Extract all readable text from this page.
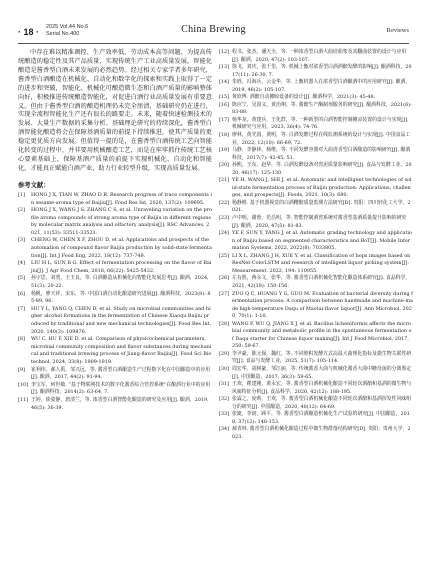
· 18 · 2025 Vol.44 No.6
Serial No.400	China Brewing	Reviews

中存在难以精准调控、生产效率低、劳动成本高等问题，为提高传统酿造的稳定性及其产品质量，实现传统生产工业高质量发展，智能化酿造是酱香型白酒未来发展的必然趋势。经过相关专家学者多年研究，酱香型白酒酿造在机械化、自动化和数字化的探索和实践上取得了一定的进步和突破，智能化、机械化可酿造微生态和白酒产质量的影响整体向好，积极推进传统酿造智能化，对促进白酒行业高质量发展有重要意义。但由于酱香型白酒的酿造机理仍未完全厘清，基础研究仍在进行，实现全流程智能化生产还有很长的路要走。未来，随着快速检测技术的发展、大量生产数据的采集分析、基础理论研究的持续深化，酱香型白酒智能化酿造将会在保障基酒质量的前提下持续推进，使其产质量的更稳定更优质方向发展。但值得一提的是，在酱香型白酒传统工艺向智能化转变的过程中，并非要用机械酿造工艺，而是在牢牢抓住传统工艺核心要素基础上，保障基酒产质量的前提下实现机械化、自动化和智能化，才能真正赋能白酒产业，助力行业转型升级，实现高质量发展。

参考文献：
[1]	HONG J X, TIAN W, ZHAO D R. Research progress of trace components in sesame-aroma type of Baijiu[J]. Food Res Int, 2020, 137(2): 109695.
[2]	HONG J X, WANG J S, ZHANG C S, et al. Unraveling variation on the profile aroma compounds of strong aroma type of Baijiu in different regions by molecular matrix analysis and olfactory analysis[J]. RSC Advances, 2021, 11(53): 33511-33521.
[3]	CHENG W, CHEN X F, ZHOU D, et al. Applications and prospects of the automation of compound flavor Baijiu production by solid-state fermentation[J]. Int J Food Eng, 2022, 18(12): 737-749.
[4]	LIU H L, SUN B G. Effect of fermentation processing on the flavor of Baijiu[J]. J Agr Food Chem, 2018, 66(22): 5425-5432.
[5]	孙宇思，刘勇，王玉良，等. 白酒酿造从机械化向智能化发展思考[J]. 酿酒，2024, 51(3): 20-22.
[6]	杨帆，廖天祥，宋东，等. 中国白酒自动化酿造研究进展[J]. 酿酒科技，2023(8): 85-89, 96.
[7]	HU Y L, YANG Q, CHEN D, et al. Study on microbial communities and higher alcohol formations in the fermentation of Chinese Xiaoqu Baijiu produced by traditional and new mechanical technologies[J]. Food Res Int, 2020, 140(3): 109876.
[8]	WU C, HU F, XIE D, et al. Comparison of physicochemical parameters, microbial community composition and flavor substances during mechanical and traditional brewing process of Jiang-flavor Baijiu[J]. Food Sci Biotechnol, 2024, 33(8): 1909-1919.
[9]	崔利伟，郝人禹，邹兴远，等. 酱香型白酒酿造生产过程数字化在中国酿造中的应用[J]. 酿酒，2017, 44(2): 91-94.
[10] 李宝军，何世敏. “基于物联网技术的数字化酱香综合管控系统”在酿酒行业中的应用[J]. 酿酒科技，2014(2): 63-64, 7.
[11] 王婷，徐姿静，唐清兰，等. 浓香型白酒智能化酿造的研究及应用[J]. 酿酒，2019, 46(5): 36-39.
[12] 程书，张杰，潘天全，等. 一种浓香型白酒大曲培曲架及其翻曲装置的设计与应用[J]. 酿酒，2020, 47(2): 103-107.
[13] 徐飞，刘庆，张千里，等. 机械上甑对浓香型白酒酒醅发酵的影响[J]. 酿酒科技，2017(11): 26-30, 7.
[14] 朱胜，冯海兵，云金华，等. 上甑机器人在浓香型白酒酿酒中的应用研究[J]. 酿酒，2019, 46(2): 105-107.
[15] 黄欣博. 酒醅自动摊晾设备的设计[J]. 酿酒科学，2021(3): 45-48.
[16] 陈应宁，吴国义，黄治翔，等. 酱醅生产酶制剂服务的研究[J]. 酿酒科技，2021(6): 83-88.
[17] 杨华龙，黄建兵，王化群，等. 一种新型的白酒智能控制摊凉装置的设计与实现[J]. 机械研究与应用，2023, 36(4): 74-76.
[18] 廖林，黄光国，黄明，等. 白酒发酵过程在线监测系统的设计与实现[J]. 中国食品工业，2022, 12(10): 66-69, 72.
[19] 马静，李静林，杨维，等. 不同发酵容器对大曲清香型白酒酿造的影响研究[J]. 酿酒科技，2017(7): 42-45, 51.
[20] 孙熙，王东，赵华，等. 白酒发酵设备对窖泥质量影响研究[J]. 食品与发酵工业，2020, 46(17): 125-130.
[21] YE H, WANG J, SHI J, et al. Automatic and intelligent technologies of solid-state fermentation process of Baijiu production: Applications, challenges, and prospects[J]. Foods, 2021, 10(3): 680.
[22] 杨静维. 基于机器视觉的白酒糟醅质量监测方法研究[D]. 贵阳：四川轻化工大学，2021.
[23] 卢中明，谢蓉，范昌明，等. 智能控制酒窖系统对酱香型基酒质量提升影响的研究[J]. 酿酒，2020, 47(5): 81-83.
[24] YE F, SUN Y, YANG J, et al. Automatic grading technology and application of Baijiu based on segmented characteristics and BoT[J]. Mobile Information Systems, 2022, 2022(8): 7033805.
[25] LI X L, ZHANG J H, XUE Y, et al. Classification of hops images based on ResNet-ConvLSTM and research of intelligent liquor picking system[J]. Measurement, 2022, 194: 110955.
[26] 左有胜，蒋永文，张华，等. 酱香型白酒机械化智能化酿造体系研究[J]. 食品科学，2021, 42(18): 150-156.
[27] ZUO Q C, HUANG Y G, GUO M. Evaluation of bacterial diversity during fermentation process: A comparison between handmade and machine-made high-temperature Daqu of Maotai-flavor liquor[J]. Ann Microbiol, 2020, 70(1): 1-10.
[28] WANG P, WU Q, JIANG X J, et al. Bacillus licheniformis affects the microbial community and metabolic profile in the spontaneous fermentation of Daqu starter for Chinese liquor making[J]. Int J Food Microbiol, 2017, 250: 59-67.
[29] 李尹豪，陈元保，魏红，等. 不同堆积发酵方式高温大曲理化指标及微生物关联性研究[J]. 食品与发酵工业，2025, 51(7): 105-114.
[30] 周宏华，胡树豪，邹江丽，等. 传统酱香大曲与机械化酱香大曲中糖母菌的分离鉴定[J]. 中国酿造，2017, 36(3): 59-65.
[31] 王欢，瞿建刚，黄永宏，等. 酱香型白酒机械化酿造不同轮次酒醅和基酒的微生物与风味特征分析[J]. 食品科学，2020, 42(12): 188-195.
[32] 张霖之，庞莉，王欢，等. 酱香型白酒机械化酿造不同轮次酒醅和基酒挥发性风味组分的研究[J]. 中国酿造，2020, 40(12): 64-69.
[33] 张婕，李润，顾平，等. 酱香型白酒酿造机械化生产试验的研究[J]. 中国酿造，2018, 37(12): 148-153.
[34] 郝青林. 酱香型白酒机械化酿造过程中微生物群落结构研究[D]. 贵阳：贵州大学，2023.
